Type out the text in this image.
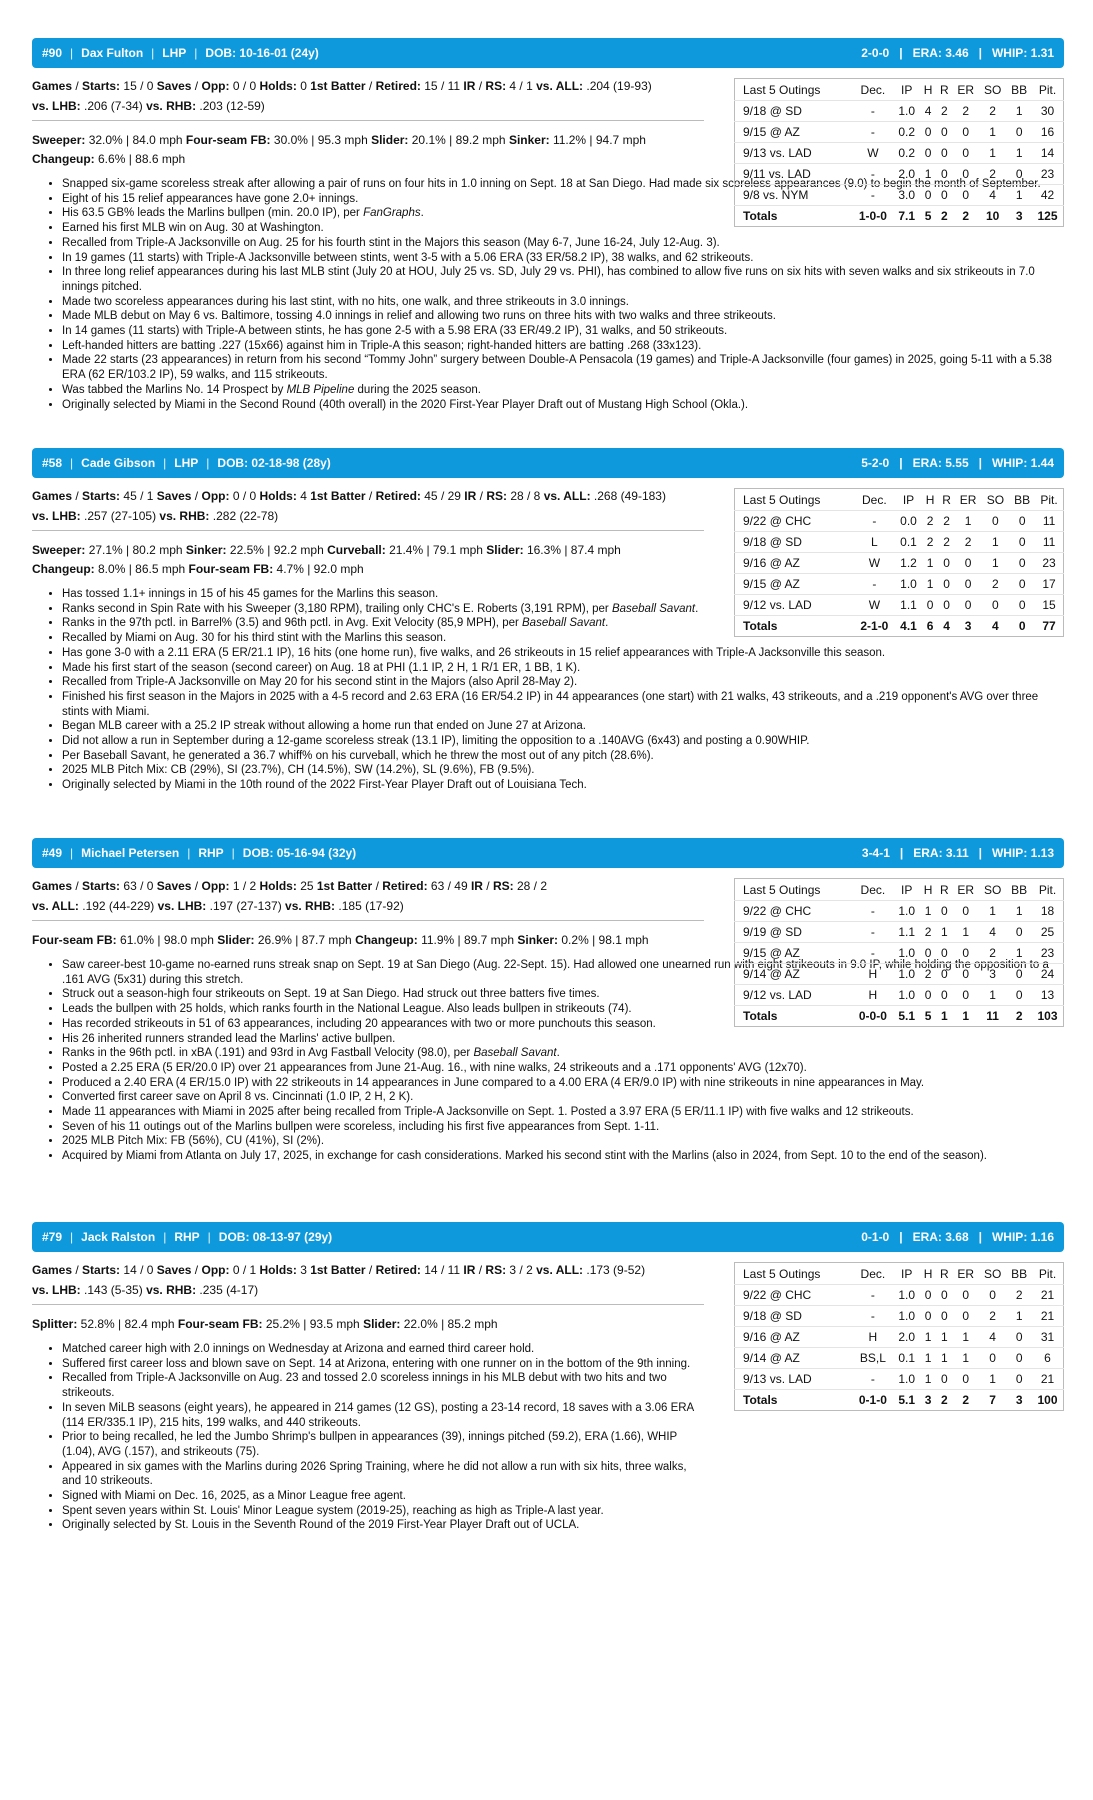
#90 | Dax Fulton | LHP | DOB: 10-16-01 (24y)	2-0-0 | ERA: 3.46 | WHIP: 1.31
Games / Starts: 15 / 0 Saves / Opp: 0 / 0 Holds: 0 1st Batter / Retired: 15 / 11 IR / RS: 4 / 1 vs. ALL: .204 (19-93)
vs. LHB: .206 (7-34) vs. RHB: .203 (12-59)
Sweeper: 32.0% | 84.0 mph Four-seam FB: 30.0% | 95.3 mph Slider: 20.1% | 89.2 mph Sinker: 11.2% | 94.7 mph
Changeup: 6.6% | 88.6 mph
Last 5 Outings	Dec.	IP	H	R	ER	SO	BB	Pit.
9/18 @ SD	-	1.0	4	2	2	2	1	30
9/15 @ AZ	-	0.2	0	0	0	1	0	16
9/13 vs. LAD	W	0.2	0	0	0	1	1	14
9/11 vs. LAD	-	2.0	1	0	0	2	0	23
9/8 vs. NYM	-	3.0	0	0	0	4	1	42
Totals	1-0-0	7.1	5	2	2	10	3	125
• Snapped six-game scoreless streak after allowing a pair of runs on four hits in 1.0 inning on Sept. 18 at San Diego. Had made six scoreless appearances (9.0) to begin the month of September.
• Eight of his 15 relief appearances have gone 2.0+ innings.
• His 63.5 GB% leads the Marlins bullpen (min. 20.0 IP), per FanGraphs.
• Earned his first MLB win on Aug. 30 at Washington.
• Recalled from Triple-A Jacksonville on Aug. 25 for his fourth stint in the Majors this season (May 6-7, June 16-24, July 12-Aug. 3).
• In 19 games (11 starts) with Triple-A Jacksonville between stints, went 3-5 with a 5.06 ERA (33 ER/58.2 IP), 38 walks, and 62 strikeouts.
• In three long relief appearances during his last MLB stint (July 20 at HOU, July 25 vs. SD, July 29 vs. PHI), has combined to allow five runs on six hits with seven walks and six strikeouts in 7.0 innings pitched.
• Made two scoreless appearances during his last stint, with no hits, one walk, and three strikeouts in 3.0 innings.
• Made MLB debut on May 6 vs. Baltimore, tossing 4.0 innings in relief and allowing two runs on three hits with two walks and three strikeouts.
• In 14 games (11 starts) with Triple-A between stints, he has gone 2-5 with a 5.98 ERA (33 ER/49.2 IP), 31 walks, and 50 strikeouts.
• Left-handed hitters are batting .227 (15x66) against him in Triple-A this season; right-handed hitters are batting .268 (33x123).
• Made 22 starts (23 appearances) in return from his second “Tommy John” surgery between Double-A Pensacola (19 games) and Triple-A Jacksonville (four games) in 2025, going 5-11 with a 5.38 ERA (62 ER/103.2 IP), 59 walks, and 115 strikeouts.
• Was tabbed the Marlins No. 14 Prospect by MLB Pipeline during the 2025 season.
• Originally selected by Miami in the Second Round (40th overall) in the 2020 First-Year Player Draft out of Mustang High School (Okla.).
#58 | Cade Gibson | LHP | DOB: 02-18-98 (28y)	5-2-0 | ERA: 5.55 | WHIP: 1.44
Games / Starts: 45 / 1 Saves / Opp: 0 / 0 Holds: 4 1st Batter / Retired: 45 / 29 IR / RS: 28 / 8 vs. ALL: .268 (49-183)
vs. LHB: .257 (27-105) vs. RHB: .282 (22-78)
Sweeper: 27.1% | 80.2 mph Sinker: 22.5% | 92.2 mph Curveball: 21.4% | 79.1 mph Slider: 16.3% | 87.4 mph
Changeup: 8.0% | 86.5 mph Four-seam FB: 4.7% | 92.0 mph
Last 5 Outings	Dec.	IP	H	R	ER	SO	BB	Pit.
9/22 @ CHC	-	0.0	2	2	1	0	0	11
9/18 @ SD	L	0.1	2	2	2	1	0	11
9/16 @ AZ	W	1.2	1	0	0	1	0	23
9/15 @ AZ	-	1.0	1	0	0	2	0	17
9/12 vs. LAD	W	1.1	0	0	0	0	0	15
Totals	2-1-0	4.1	6	4	3	4	0	77
• Has tossed 1.1+ innings in 15 of his 45 games for the Marlins this season.
• Ranks second in Spin Rate with his Sweeper (3,180 RPM), trailing only CHC's E. Roberts (3,191 RPM), per Baseball Savant.
• Ranks in the 97th pctl. in Barrel% (3.5) and 96th pctl. in Avg. Exit Velocity (85,9 MPH), per Baseball Savant.
• Recalled by Miami on Aug. 30 for his third stint with the Marlins this season.
• Has gone 3-0 with a 2.11 ERA (5 ER/21.1 IP), 16 hits (one home run), five walks, and 26 strikeouts in 15 relief appearances with Triple-A Jacksonville this season.
• Made his first start of the season (second career) on Aug. 18 at PHI (1.1 IP, 2 H, 1 R/1 ER, 1 BB, 1 K).
• Recalled from Triple-A Jacksonville on May 20 for his second stint in the Majors (also April 28-May 2).
• Finished his first season in the Majors in 2025 with a 4-5 record and 2.63 ERA (16 ER/54.2 IP) in 44 appearances (one start) with 21 walks, 43 strikeouts, and a .219 opponent's AVG over three stints with Miami.
• Began MLB career with a 25.2 IP streak without allowing a home run that ended on June 27 at Arizona.
• Did not allow a run in September during a 12-game scoreless streak (13.1 IP), limiting the opposition to a .140AVG (6x43) and posting a 0.90WHIP.
• Per Baseball Savant, he generated a 36.7 whiff% on his curveball, which he threw the most out of any pitch (28.6%).
• 2025 MLB Pitch Mix: CB (29%), SI (23.7%), CH (14.5%), SW (14.2%), SL (9.6%), FB (9.5%).
• Originally selected by Miami in the 10th round of the 2022 First-Year Player Draft out of Louisiana Tech.
#49 | Michael Petersen | RHP | DOB: 05-16-94 (32y)	3-4-1 | ERA: 3.11 | WHIP: 1.13
Games / Starts: 63 / 0 Saves / Opp: 1 / 2 Holds: 25 1st Batter / Retired: 63 / 49 IR / RS: 28 / 2
vs. ALL: .192 (44-229) vs. LHB: .197 (27-137) vs. RHB: .185 (17-92)
Four-seam FB: 61.0% | 98.0 mph Slider: 26.9% | 87.7 mph Changeup: 11.9% | 89.7 mph Sinker: 0.2% | 98.1 mph
Last 5 Outings	Dec.	IP	H	R	ER	SO	BB	Pit.
9/22 @ CHC	-	1.0	1	0	0	1	1	18
9/19 @ SD	-	1.1	2	1	1	4	0	25
9/15 @ AZ	-	1.0	0	0	0	2	1	23
9/14 @ AZ	H	1.0	2	0	0	3	0	24
9/12 vs. LAD	H	1.0	0	0	0	1	0	13
Totals	0-0-0	5.1	5	1	1	11	2	103
• Saw career-best 10-game no-earned runs streak snap on Sept. 19 at San Diego (Aug. 22-Sept. 15). Had allowed one unearned run with eight strikeouts in 9.0 IP, while holding the opposition to a .161 AVG (5x31) during this stretch.
• Struck out a season-high four strikeouts on Sept. 19 at San Diego. Had struck out three batters five times.
• Leads the bullpen with 25 holds, which ranks fourth in the National League. Also leads bullpen in strikeouts (74).
• Has recorded strikeouts in 51 of 63 appearances, including 20 appearances with two or more punchouts this season.
• His 26 inherited runners stranded lead the Marlins' active bullpen.
• Ranks in the 96th pctl. in xBA (.191) and 93rd in Avg Fastball Velocity (98.0), per Baseball Savant.
• Posted a 2.25 ERA (5 ER/20.0 IP) over 21 appearances from June 21-Aug. 16., with nine walks, 24 strikeouts and a .171 opponents' AVG (12x70).
• Produced a 2.40 ERA (4 ER/15.0 IP) with 22 strikeouts in 14 appearances in June compared to a 4.00 ERA (4 ER/9.0 IP) with nine strikeouts in nine appearances in May.
• Converted first career save on April 8 vs. Cincinnati (1.0 IP, 2 H, 2 K).
• Made 11 appearances with Miami in 2025 after being recalled from Triple-A Jacksonville on Sept. 1. Posted a 3.97 ERA (5 ER/11.1 IP) with five walks and 12 strikeouts.
• Seven of his 11 outings out of the Marlins bullpen were scoreless, including his first five appearances from Sept. 1-11.
• 2025 MLB Pitch Mix: FB (56%), CU (41%), SI (2%).
• Acquired by Miami from Atlanta on July 17, 2025, in exchange for cash considerations. Marked his second stint with the Marlins (also in 2024, from Sept. 10 to the end of the season).
#79 | Jack Ralston | RHP | DOB: 08-13-97 (29y)	0-1-0 | ERA: 3.68 | WHIP: 1.16
Games / Starts: 14 / 0 Saves / Opp: 0 / 1 Holds: 3 1st Batter / Retired: 14 / 11 IR / RS: 3 / 2 vs. ALL: .173 (9-52)
vs. LHB: .143 (5-35) vs. RHB: .235 (4-17)
Splitter: 52.8% | 82.4 mph Four-seam FB: 25.2% | 93.5 mph Slider: 22.0% | 85.2 mph
Last 5 Outings	Dec.	IP	H	R	ER	SO	BB	Pit.
9/22 @ CHC	-	1.0	0	0	0	0	2	21
9/18 @ SD	-	1.0	0	0	0	2	1	21
9/16 @ AZ	H	2.0	1	1	1	4	0	31
9/14 @ AZ	BS,L	0.1	1	1	1	0	0	6
9/13 vs. LAD	-	1.0	1	0	0	1	0	21
Totals	0-1-0	5.1	3	2	2	7	3	100
• Matched career high with 2.0 innings on Wednesday at Arizona and earned third career hold.
• Suffered first career loss and blown save on Sept. 14 at Arizona, entering with one runner on in the bottom of the 9th inning.
• Recalled from Triple-A Jacksonville on Aug. 23 and tossed 2.0 scoreless innings in his MLB debut with two hits and two strikeouts.
• In seven MiLB seasons (eight years), he appeared in 214 games (12 GS), posting a 23-14 record, 18 saves with a 3.06 ERA (114 ER/335.1 IP), 215 hits, 199 walks, and 440 strikeouts.
• Prior to being recalled, he led the Jumbo Shrimp's bullpen in appearances (39), innings pitched (59.2), ERA (1.66), WHIP (1.04), AVG (.157), and strikeouts (75).
• Appeared in six games with the Marlins during 2026 Spring Training, where he did not allow a run with six hits, three walks, and 10 strikeouts.
• Signed with Miami on Dec. 16, 2025, as a Minor League free agent.
• Spent seven years within St. Louis' Minor League system (2019-25), reaching as high as Triple-A last year.
• Originally selected by St. Louis in the Seventh Round of the 2019 First-Year Player Draft out of UCLA.
